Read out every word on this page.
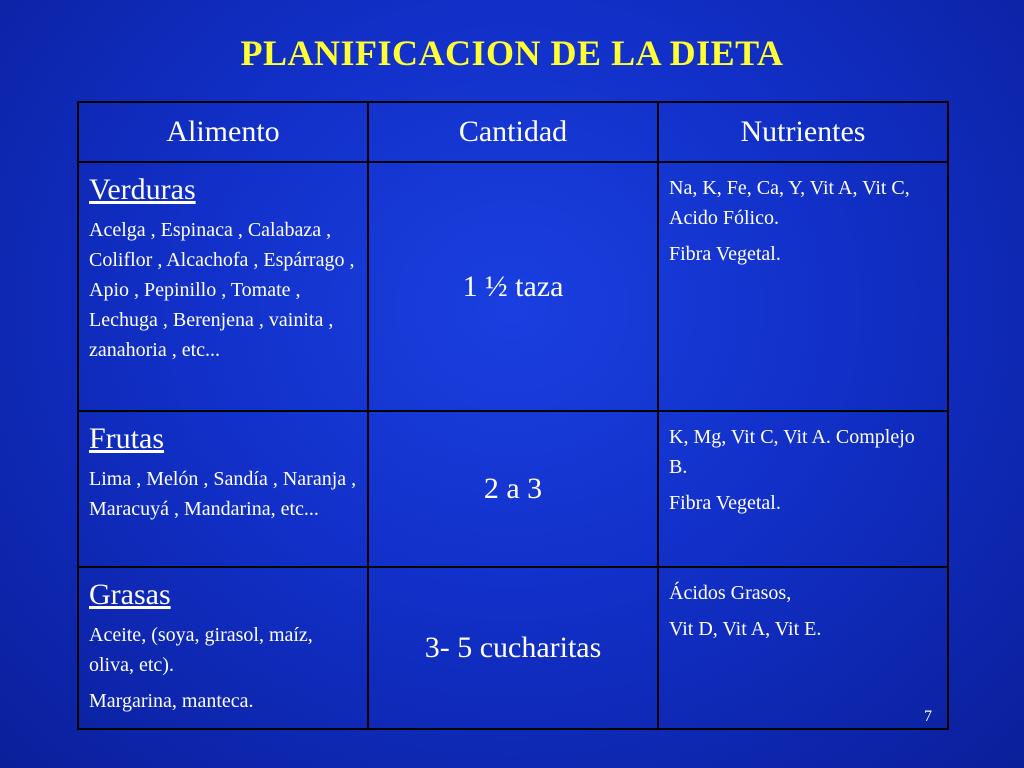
PLANIFICACION DE LA DIETA
Alimento	Cantidad	Nutrientes

Verduras
Acelga , Espinaca , Calabaza , Coliflor , Alcachofa , Espárrago , Apio , Pepinillo , Tomate , Lechuga , Berenjena , vainita , zanahoria , etc...	1 ½ taza	Na, K, Fe, Ca, Y, Vit A, Vit C, Acido Fólico.
Fibra Vegetal.

Frutas
Lima , Melón , Sandía , Naranja , Maracuyá , Mandarina, etc...	2 a 3	K, Mg, Vit C, Vit A. Complejo B.
Fibra Vegetal.

Grasas
Aceite, (soya, girasol, maíz, oliva, etc).
Margarina, manteca.	3- 5 cucharitas	Ácidos Grasos,
Vit D, Vit A, Vit E.
7
